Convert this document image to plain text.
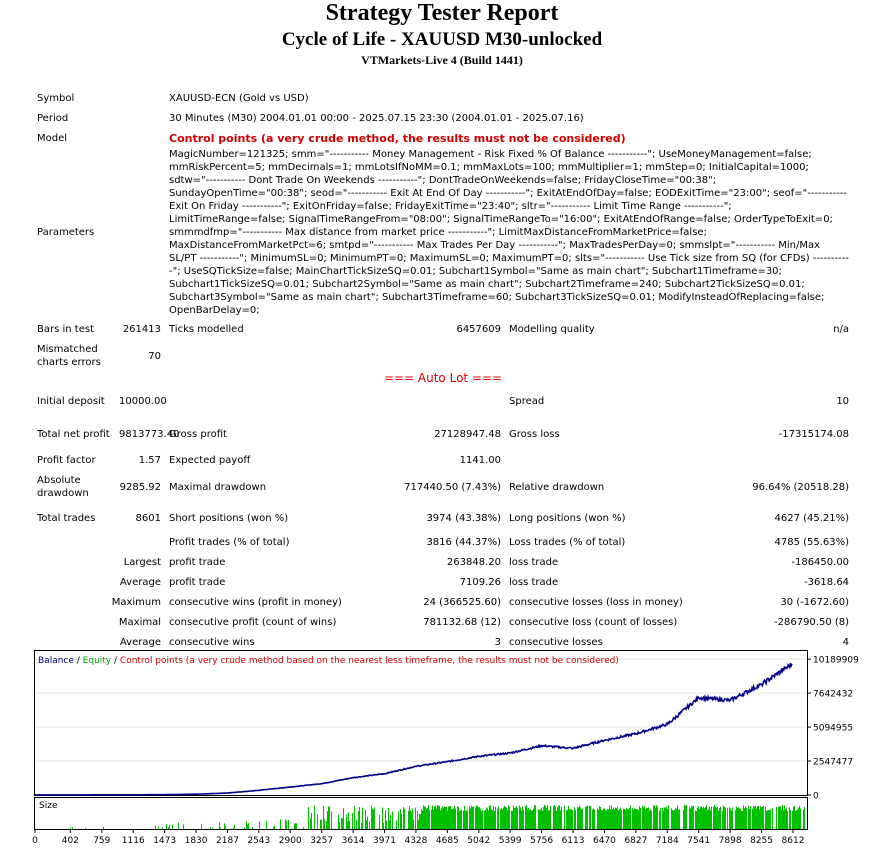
Strategy Tester Report
Cycle of Life - XAUUSD M30-unlocked
VTMarkets-Live 4 (Build 1441)
Symbol		XAUUSD-ECN (Gold vs USD)			
Period		30 Minutes (M30) 2004.01.01 00:00 - 2025.07.15 23:30 (2004.01.01 - 2025.07.16)			
Model		Control points (a very crude method, the results must not be considered)			
Parameters		MagicNumber=121325; smm="----------- Money Management - Risk Fixed % Of Balance -----------"; UseMoneyManagement=false; mmRiskPercent=5; mmDecimals=1; mmLotsIfNoMM=0.1; mmMaxLots=100; mmMultiplier=1; mmStep=0; InitialCapital=1000; sdtw="----------- Dont Trade On Weekends -----------"; DontTradeOnWeekends=false; FridayCloseTime="00:38"; SundayOpenTime="00:38"; seod="----------- Exit At End Of Day -----------"; ExitAtEndOfDay=false; EODExitTime="23:00"; seof="----------- Exit On Friday -----------"; ExitOnFriday=false; FridayExitTime="23:40"; sltr="----------- Limit Time Range -----------"; LimitTimeRange=false; SignalTimeRangeFrom="08:00"; SignalTimeRangeTo="16:00"; ExitAtEndOfRange=false; OrderTypeToExit=0; smmmdfmp="----------- Max distance from market price -----------"; LimitMaxDistanceFromMarketPrice=false; MaxDistanceFromMarketPct=6; smtpd="----------- Max Trades Per Day -----------"; MaxTradesPerDay=0; smmslpt="----------- Min/Max SL/PT -----------"; MinimumSL=0; MinimumPT=0; MaximumSL=0; MaximumPT=0; slts="----------- Use Tick size from SQ (for CFDs) -----------"; UseSQTickSize=false; MainChartTickSizeSQ=0.01; Subchart1Symbol="Same as main chart"; Subchart1Timeframe=30; Subchart1TickSizeSQ=0.01; Subchart2Symbol="Same as main chart"; Subchart2Timeframe=240; Subchart2TickSizeSQ=0.01; Subchart3Symbol="Same as main chart"; Subchart3Timeframe=60; Subchart3TickSizeSQ=0.01; ModifyInsteadOfReplacing=false; OpenBarDelay=0;			
Bars in test	261413	Ticks modelled	6457609	Modelling quality	n/a
Mismatched charts errors	70				
=== Auto Lot ===					
Initial deposit	10000.00			Spread	10
Total net profit	9813773.40	Gross profit	27128947.48	Gross loss	-17315174.08
Profit factor	1.57	Expected payoff	1141.00		
Absolute drawdown	9285.92	Maximal drawdown	717440.50 (7.43%)	Relative drawdown	96.64% (20518.28)
Total trades	8601	Short positions (won %)	3974 (43.38%)	Long positions (won %)	4627 (45.21%)
		Profit trades (% of total)	3816 (44.37%)	Loss trades (% of total)	4785 (55.63%)
Largest		profit trade	263848.20	loss trade	-186450.00
Average		profit trade	7109.26	loss trade	-3618.64
Maximum		consecutive wins (profit in money)	24 (366525.60)	consecutive losses (loss in money)	30 (-1672.60)
Maximal		consecutive profit (count of wins)	781132.68 (12)	consecutive loss (count of losses)	-286790.50 (8)
Average		consecutive wins	3	consecutive losses	4
Balance / Equity / Control points (a very crude method based on the nearest less timeframe, the results must not be considered)	10189909
7642432
5094955
2547477
0
Size
0	402 759 1116 1473 1830 2187 2543 2900 3257 3614 3971 4328 4685 5042 5399 5756 6113 6470 6827 7184 7541 7898 8255 8612
